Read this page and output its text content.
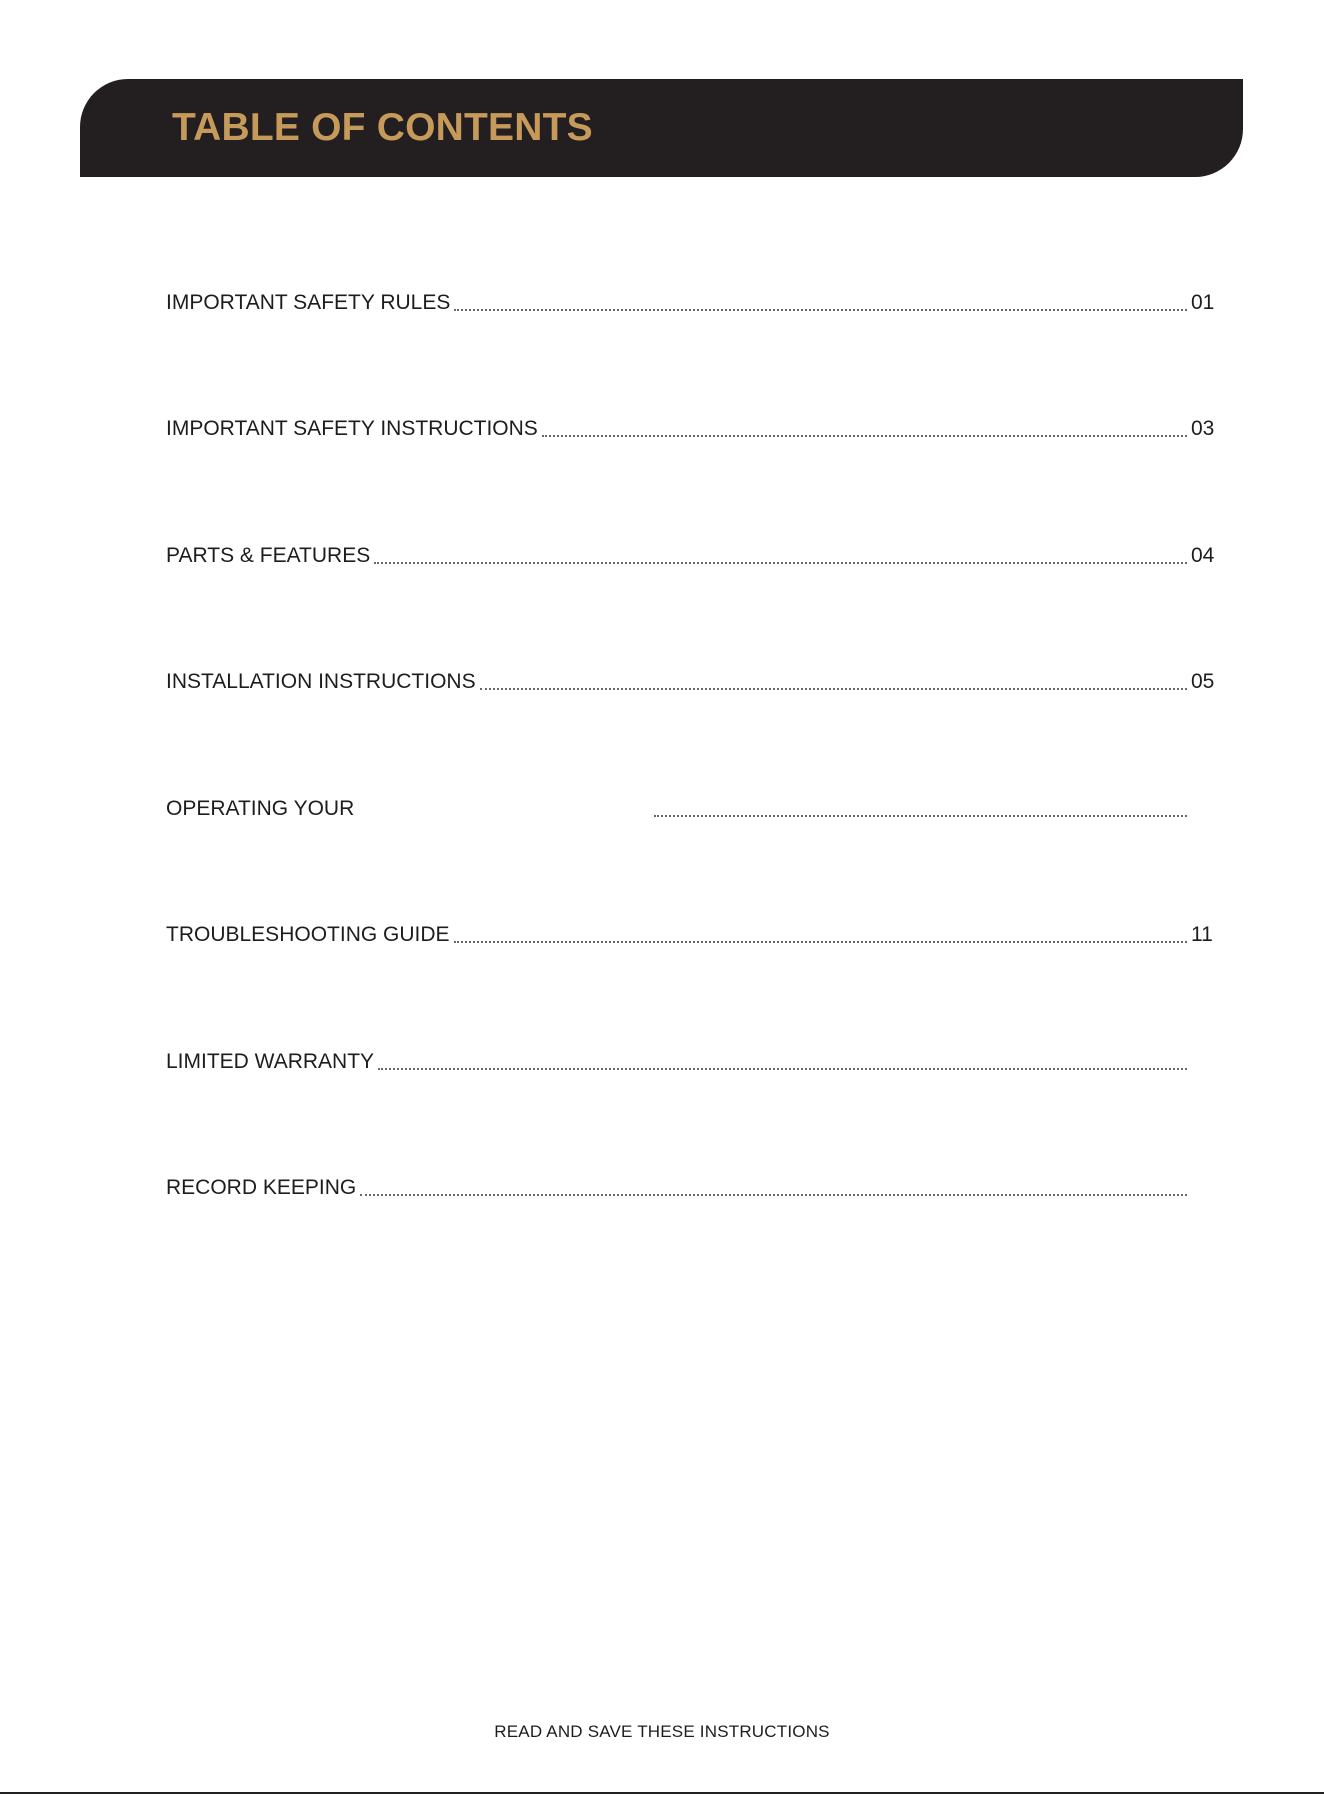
TABLE OF CONTENTS
IMPORTANT SAFETY RULES	01
IMPORTANT SAFETY INSTRUCTIONS	03
PARTS & FEATURES	04
INSTALLATION INSTRUCTIONS	05
OPERATING YOUR
TROUBLESHOOTING GUIDE	11
LIMITED WARRANTY
RECORD KEEPING
READ AND SAVE THESE INSTRUCTIONS
